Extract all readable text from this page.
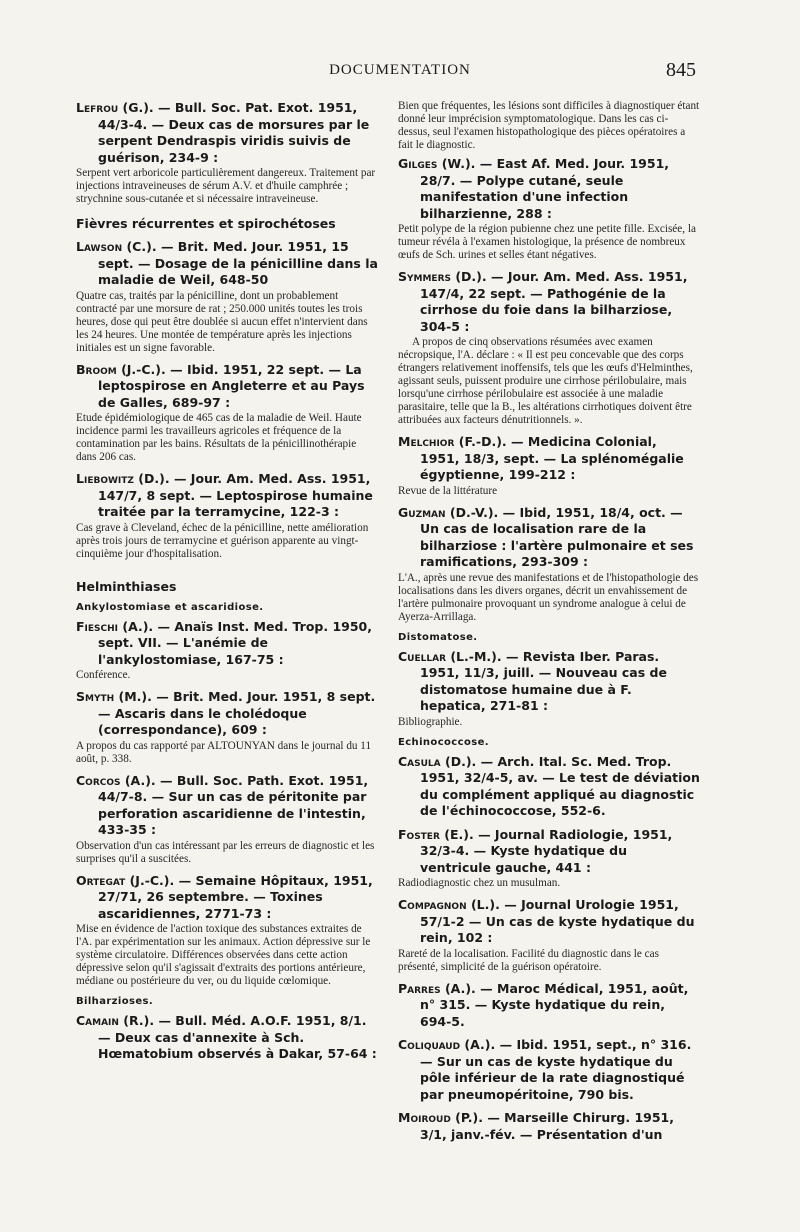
DOCUMENTATION	845
Lefrou (G.). — Bull. Soc. Pat. Exot. 1951, 44/3-4. — Deux cas de morsures par le serpent Dendraspis viridis suivis de guérison, 234-9 :
Serpent vert arboricole particulièrement dangereux. Traitement par injections intraveineuses de sérum A.V. et d'huile camphrée ; strychnine sous-cutanée et si nécessaire intraveineuse.
Fièvres récurrentes et spirochétoses
Lawson (C.). — Brit. Med. Jour. 1951, 15 sept. — Dosage de la pénicilline dans la maladie de Weil, 648-50
Quatre cas, traités par la pénicilline, dont un probablement contracté par une morsure de rat ; 250.000 unités toutes les trois heures, dose qui peut être doublée si aucun effet n'intervient dans les 24 heures. Une montée de température après les injections initiales est un signe favorable.
Broom (J.-C.). — Ibid. 1951, 22 sept. — La leptospirose en Angleterre et au Pays de Galles, 689-97 :
Etude épidémiologique de 465 cas de la maladie de Weil. Haute incidence parmi les travailleurs agricoles et fréquence de la contamination par les bains. Résultats de la pénicillinothérapie dans 206 cas.
Liebowitz (D.). — Jour. Am. Med. Ass. 1951, 147/7, 8 sept. — Leptospirose humaine traitée par la terramycine, 122-3 :
Cas grave à Cleveland, échec de la pénicilline, nette amélioration après trois jours de terramycine et guérison apparente au vingt-cinquième jour d'hospitalisation.
Helminthiases
Ankylostomiase et ascaridiose.
Fieschi (A.). — Anaïs Inst. Med. Trop. 1950, sept. VII. — L'anémie de l'ankylostomiase, 167-75 :
Conférence.
Smyth (M.). — Brit. Med. Jour. 1951, 8 sept. — Ascaris dans le cholédoque (correspondance), 609 :
A propos du cas rapporté par ALTOUNYAN dans le journal du 11 août, p. 338.
Corcos (A.). — Bull. Soc. Path. Exot. 1951, 44/7-8. — Sur un cas de péritonite par perforation ascaridienne de l'intestin, 433-35 :
Observation d'un cas intéressant par les erreurs de diagnostic et les surprises qu'il a suscitées.
Ortegat (J.-C.). — Semaine Hôpitaux, 1951, 27/71, 26 septembre. — Toxines ascaridiennes, 2771-73 :
Mise en évidence de l'action toxique des substances extraites de l'A. par expérimentation sur les animaux. Action dépressive sur le système circulatoire. Différences observées dans cette action dépressive selon qu'il s'agissait d'extraits des portions antérieure, médiane ou postérieure du ver, ou du liquide cœlomique.
Bilharzioses.
Camain (R.). — Bull. Méd. A.O.F. 1951, 8/1. — Deux cas d'annexite à Sch. Hœmatobium observés à Dakar, 57-64 :
Bien que fréquentes, les lésions sont difficiles à diagnostiquer étant donné leur imprécision symptomatologique. Dans les cas ci-dessus, seul l'examen histopathologique des pièces opératoires a fait le diagnostic.
Gilges (W.). — East Af. Med. Jour. 1951, 28/7. — Polype cutané, seule manifestation d'une infection bilharzienne, 288 :
Petit polype de la région pubienne chez une petite fille. Excisée, la tumeur révéla à l'examen histologique, la présence de nombreux œufs de Sch. urines et selles étant négatives.
Symmers (D.). — Jour. Am. Med. Ass. 1951, 147/4, 22 sept. — Pathogénie de la cirrhose du foie dans la bilharziose, 304-5 :
A propos de cinq observations résumées avec examen nécropsique, l'A. déclare : « Il est peu concevable que des corps étrangers relativement inoffensifs, tels que les œufs d'Helminthes, agissant seuls, puissent produire une cirrhose périlobulaire, mais lorsqu'une cirrhose périlobulaire est associée à une maladie parasitaire, telle que la B., les altérations cirrhotiques doivent être attribuées aux facteurs dénutritionnels. ».
Melchior (F.-D.). — Medicina Colonial, 1951, 18/3, sept. — La splénomégalie égyptienne, 199-212 :
Revue de la littérature
Guzman (D.-V.). — Ibid, 1951, 18/4, oct. — Un cas de localisation rare de la bilharziose : l'artère pulmonaire et ses ramifications, 293-309 :
L'A., après une revue des manifestations et de l'histopathologie des localisations dans les divers organes, décrit un envahissement de l'artère pulmonaire provoquant un syndrome analogue à celui de Ayerza-Arrillaga.
Distomatose.
Cuellar (L.-M.). — Revista Iber. Paras. 1951, 11/3, juill. — Nouveau cas de distomatose humaine due à F. hepatica, 271-81 :
Bibliographie.
Echinococcose.
Casula (D.). — Arch. Ital. Sc. Med. Trop. 1951, 32/4-5, av. — Le test de déviation du complément appliqué au diagnostic de l'échinococcose, 552-6.
Foster (E.). — Journal Radiologie, 1951, 32/3-4. — Kyste hydatique du ventricule gauche, 441 :
Radiodiagnostic chez un musulman.
Compagnon (L.). — Journal Urologie 1951, 57/1-2 — Un cas de kyste hydatique du rein, 102 :
Rareté de la localisation. Facilité du diagnostic dans le cas présenté, simplicité de la guérison opératoire.
Parres (A.). — Maroc Médical, 1951, août, n° 315. — Kyste hydatique du rein, 694-5.
Coliquaud (A.). — Ibid. 1951, sept., n° 316. — Sur un cas de kyste hydatique du pôle inférieur de la rate diagnostiqué par pneumopéritoine, 790 bis.
Moiroud (P.). — Marseille Chirurg. 1951, 3/1, janv.-fév. — Présentation d'un
